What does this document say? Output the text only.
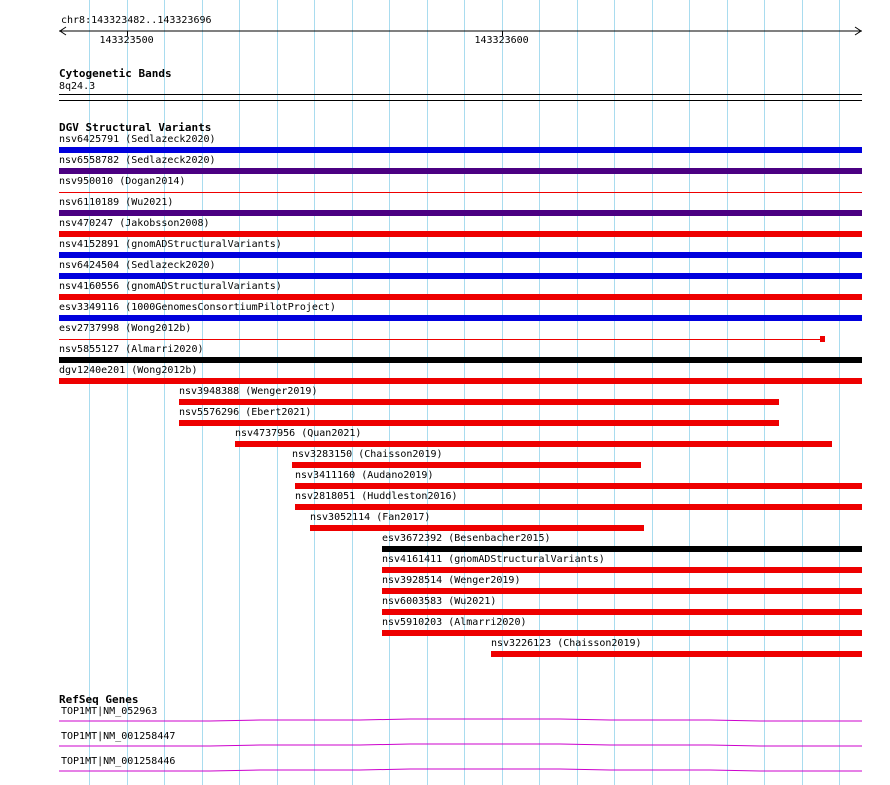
chr8:143323482..143323696
143323500	143323600
Cytogenetic Bands
8q24.3
DGV Structural Variants
nsv6425791 (Sedlazeck2020)
nsv6558782 (Sedlazeck2020)
nsv950010 (Dogan2014)
nsv6110189 (Wu2021)
nsv470247 (Jakobsson2008)
nsv4152891 (gnomADStructuralVariants)
nsv6424504 (Sedlazeck2020)
nsv4160556 (gnomADStructuralVariants)
esv3349116 (1000GenomesConsortiumPilotProject)
esv2737998 (Wong2012b)
nsv5855127 (Almarri2020)
dgv1240e201 (Wong2012b)
nsv3948388 (Wenger2019)
nsv5576296 (Ebert2021)
nsv4737956 (Quan2021)
nsv3283150 (Chaisson2019)
nsv3411160 (Audano2019)
nsv2818051 (Huddleston2016)
nsv3052114 (Fan2017)
esv3672392 (Besenbacher2015)
nsv4161411 (gnomADStructuralVariants)
nsv3928514 (Wenger2019)
nsv6003583 (Wu2021)
nsv5910203 (Almarri2020)
nsv3226123 (Chaisson2019)
RefSeq Genes
TOP1MT|NM_052963
TOP1MT|NM_001258447
TOP1MT|NM_001258446
